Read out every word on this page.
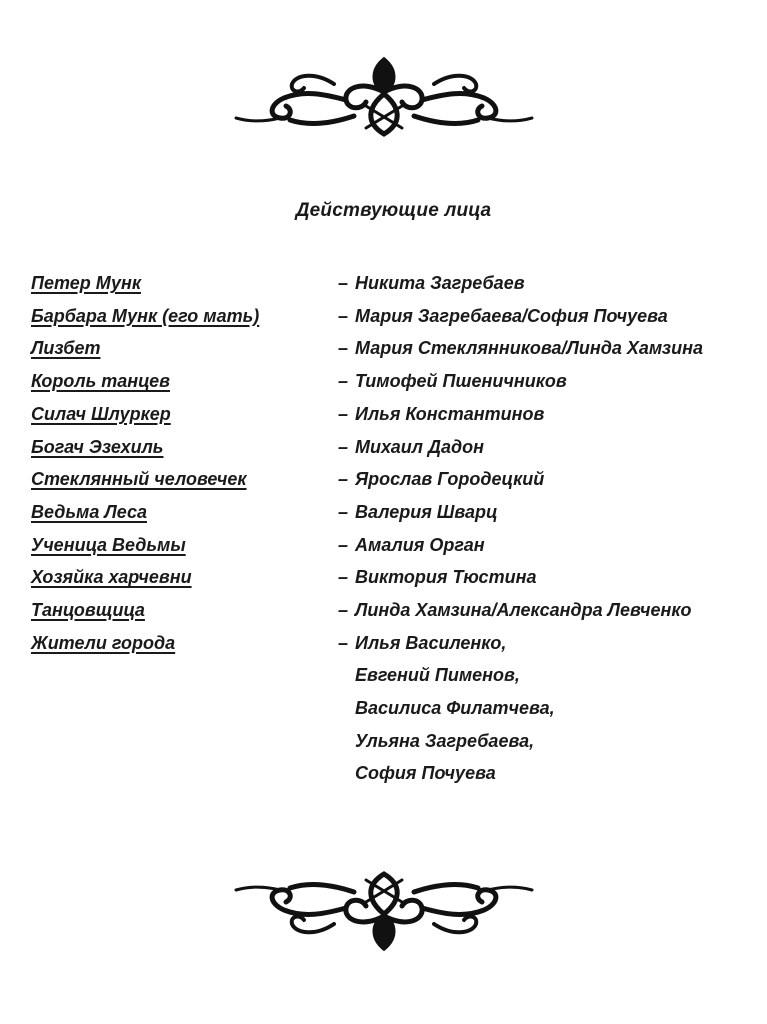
Действующие лица
Петер Мунк	– Никита Загребаев
Барбара Мунк (его мать)	– Мария Загребаева/София Почуева
Лизбет	– Мария Стеклянникова/Линда Хамзина
Король танцев	– Тимофей Пшеничников
Силач Шлуркер	– Илья Константинов
Богач Эзехиль	– Михаил Дадон
Стеклянный человечек	– Ярослав Городецкий
Ведьма Леса	– Валерия Шварц
Ученица Ведьмы	– Амалия Орган
Хозяйка харчевни	– Виктория Тюстина
Танцовщица	– Линда Хамзина/Александра Левченко
Жители города	– Илья Василенко,
Евгений Пименов,
Василиса Филатчева,
Ульяна Загребаева,
София Почуева
